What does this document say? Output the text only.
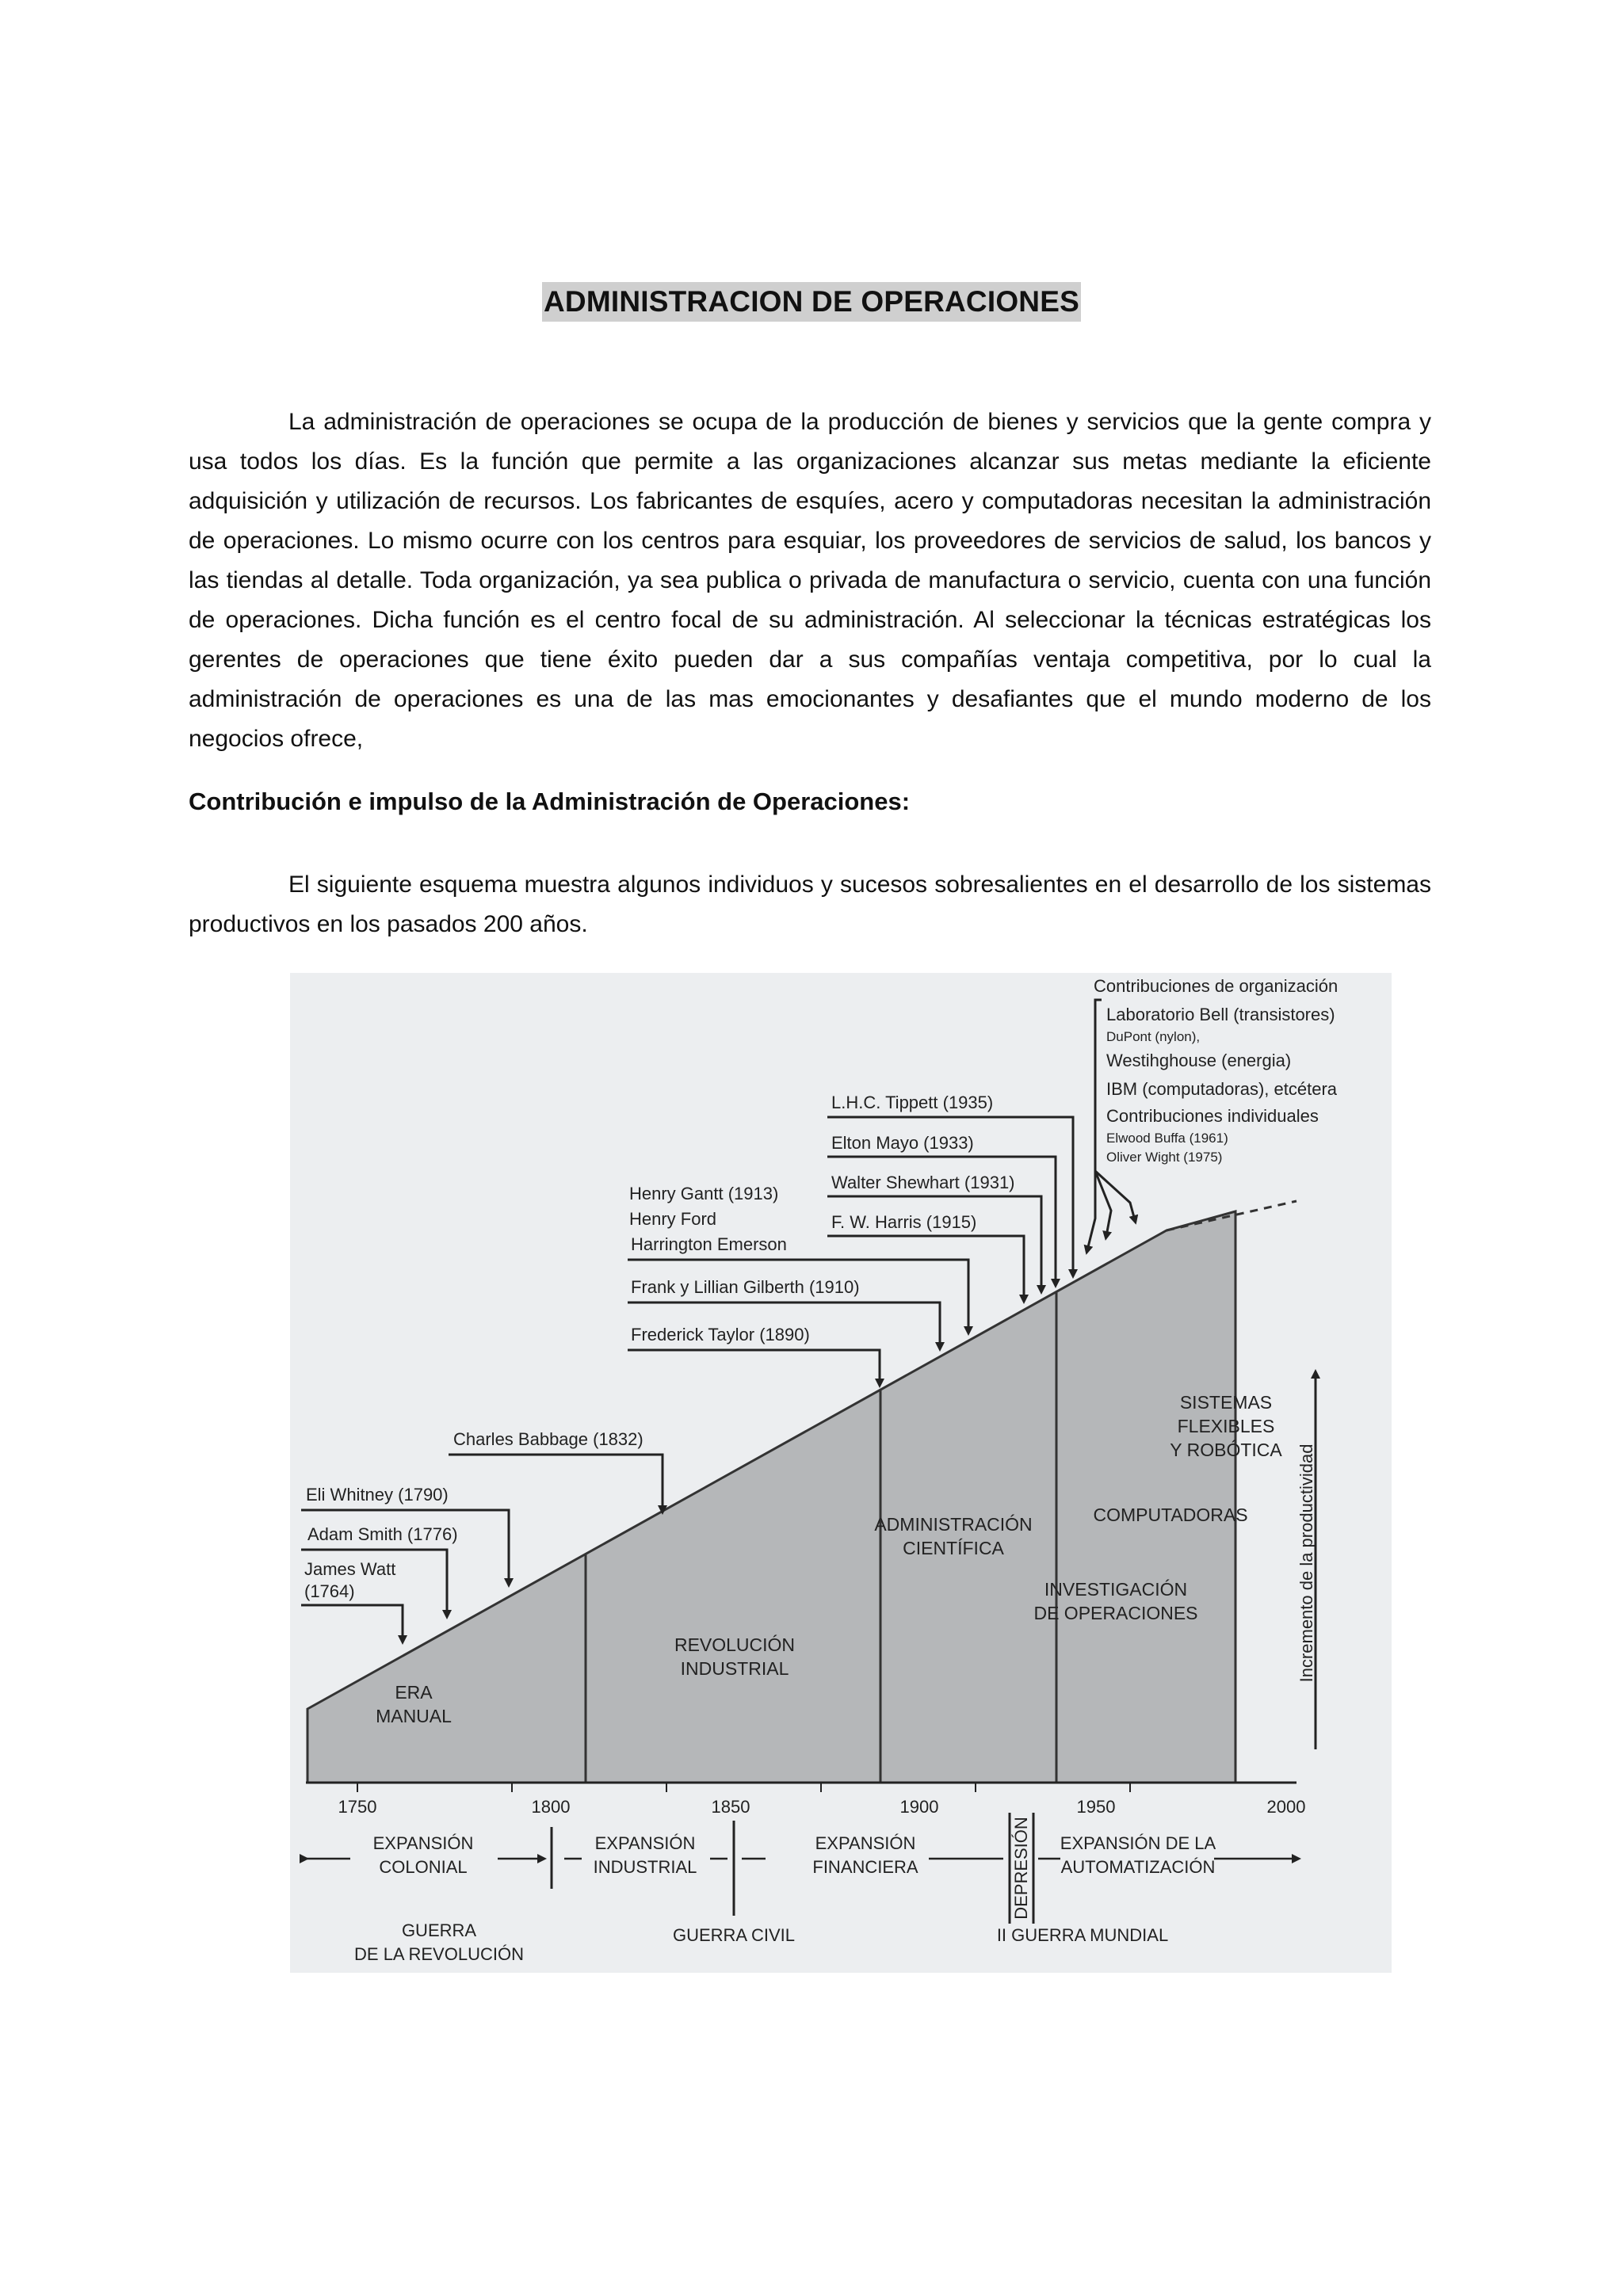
ADMINISTRACION DE OPERACIONES

La administración de operaciones se ocupa de la producción de bienes y servicios que la gente compra y usa todos los días. Es la función que permite a las organizaciones alcanzar sus metas mediante la eficiente adquisición y utilización de recursos. Los fabricantes de esquíes, acero y computadoras necesitan la administración de operaciones. Lo mismo ocurre con los centros para esquiar, los proveedores de servicios de salud, los bancos y las tiendas al detalle. Toda organización, ya sea publica o privada de manufactura o servicio, cuenta con una función de operaciones. Dicha función es el centro focal de su administración. Al seleccionar la técnicas estratégicas los gerentes de operaciones que tiene éxito pueden dar a sus compañías ventaja competitiva, por lo cual la administración de operaciones es una de las mas emocionantes y desafiantes que el mundo moderno de los negocios ofrece,

Contribución e impulso de la Administración de Operaciones:

El siguiente esquema muestra algunos individuos y sucesos sobresalientes en el desarrollo de los sistemas productivos en los pasados 200 años.

1750	1800	1850	1900	1950	2000
Incremento de la productividad
ERA
MANUAL
REVOLUCIÓN
INDUSTRIAL
ADMINISTRACIÓN
CIENTÍFICA
INVESTIGACIÓN
DE OPERACIONES
COMPUTADORAS
SISTEMAS
FLEXIBLES
Y ROBÓTICA
James Watt
(1764)
Adam Smith (1776)
Eli Whitney (1790)
Charles Babbage (1832)
Frederick Taylor (1890)
Frank y Lillian Gilberth (1910)
Harrington Emerson
Henry Ford
Henry Gantt (1913)
F. W. Harris (1915)
Walter Shewhart (1931)
Elton Mayo (1933)
L.H.C. Tippett (1935)
Contribuciones de organización
Laboratorio Bell (transistores)
DuPont (nylon),
Westihghouse (energia)
IBM (computadoras), etcétera
Contribuciones individuales
Elwood Buffa (1961)
Oliver Wight (1975)
EXPANSIÓN
COLONIAL
EXPANSIÓN
INDUSTRIAL
EXPANSIÓN
FINANCIERA
EXPANSIÓN DE LA
AUTOMATIZACIÓN
DEPRESIÓN
GUERRA
DE LA REVOLUCIÓN
GUERRA CIVIL	II GUERRA MUNDIAL
